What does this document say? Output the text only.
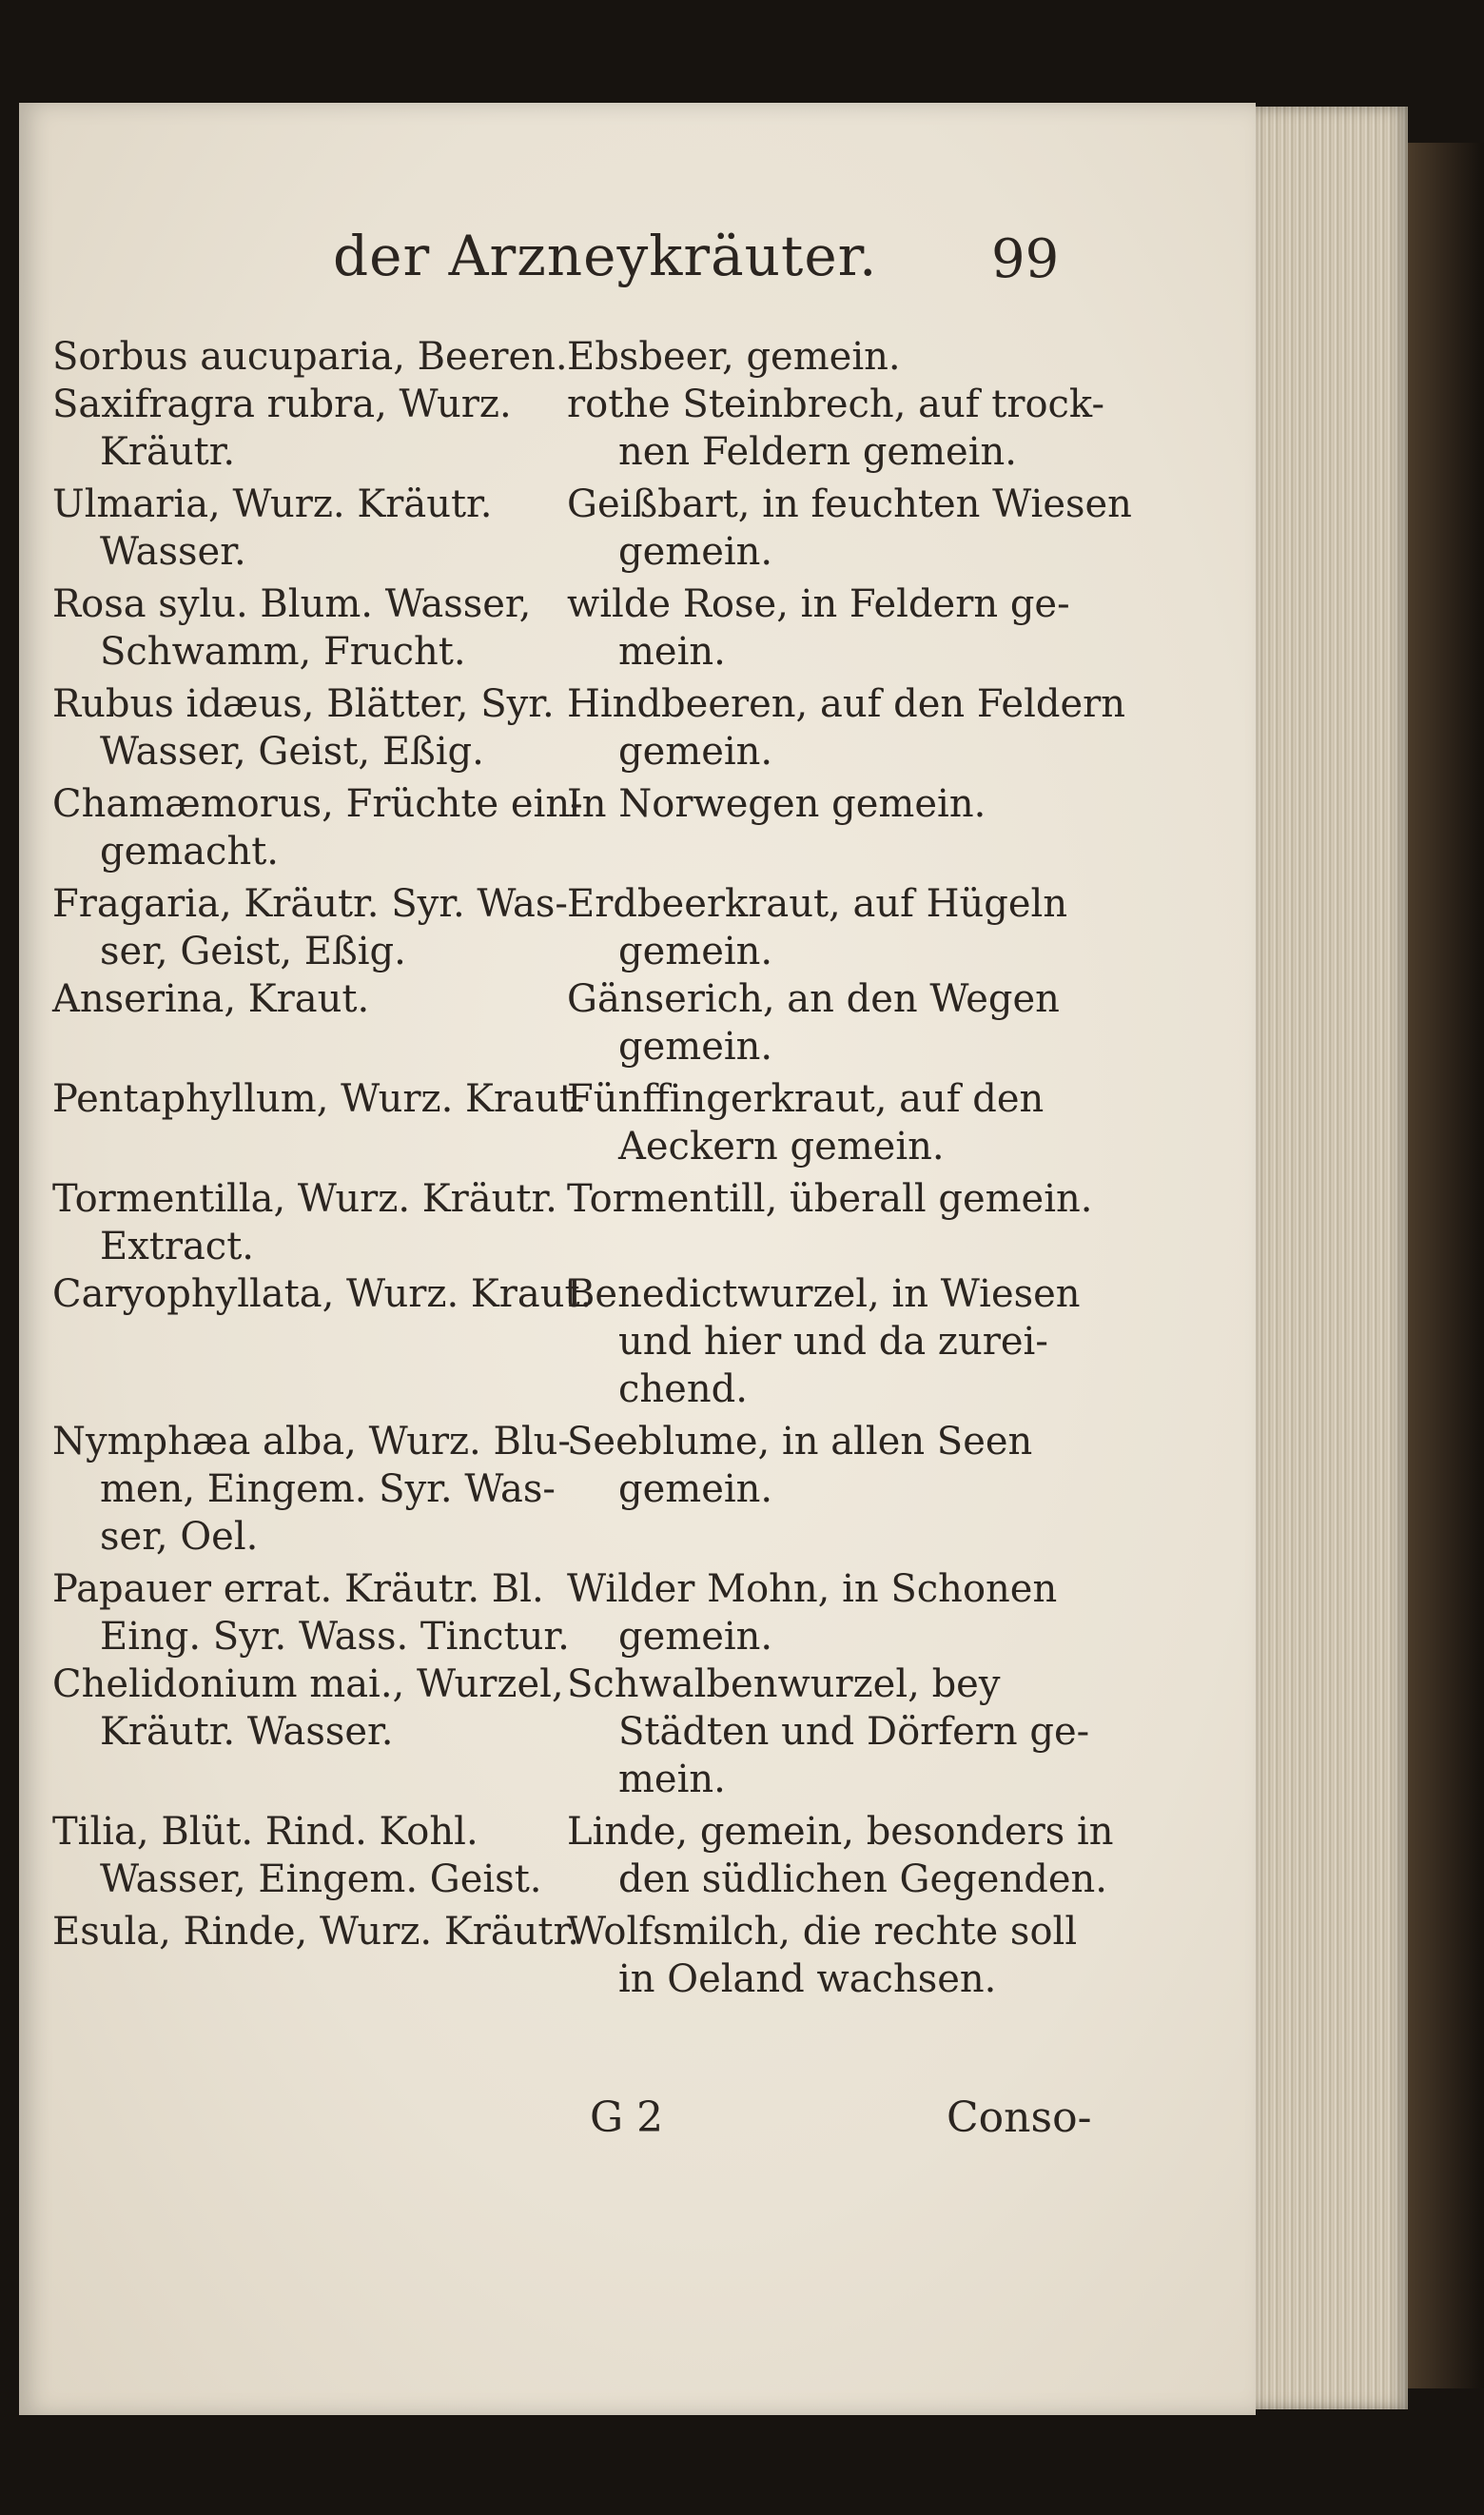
der Arzneykräuter. 99
Sorbus aucuparia, Beeren. Ebsbeer, gemein.
Saxifragra rubra, Wurz.
Kräutr.
rothe Steinbrech, auf trock-
nen Feldern gemein.
Ulmaria, Wurz. Kräutr.
Wasser.
Geißbart, in feuchten Wiesen
gemein.
Rosa sylu. Blum. Wasser,
Schwamm, Frucht.
wilde Rose, in Feldern ge-
mein.
Rubus idæus, Blätter, Syr.
Wasser, Geist, Eßig.
Hindbeeren, auf den Feldern
gemein.
Chamæmorus, Früchte ein-
gemacht.
In Norwegen gemein.
Fragaria, Kräutr. Syr. Was-
ser, Geist, Eßig.
Erdbeerkraut, auf Hügeln
gemein.
Anserina, Kraut.	Gänserich, an den Wegen
gemein.
Pentaphyllum, Wurz. Kraut.
Fünffingerkraut, auf den
Aeckern gemein.
Tormentilla, Wurz. Kräutr.
Extract.
Tormentill, überall gemein.
Caryophyllata, Wurz. Kraut.
Benedictwurzel, in Wiesen
und hier und da zurei-
chend.
Nymphæa alba, Wurz. Blu-
men, Eingem. Syr. Was-
ser, Oel.
Seeblume, in allen Seen
gemein.
Papauer errat. Kräutr. Bl.
Eing. Syr. Wass. Tinctur.
Wilder Mohn, in Schonen
gemein.
Chelidonium mai., Wurzel,
Kräutr. Wasser.
Schwalbenwurzel, bey
Städten und Dörfern ge-
mein.
Tilia, Blüt. Rind. Kohl.
Wasser, Eingem. Geist.
Linde, gemein, besonders in
den südlichen Gegenden.
Esula, Rinde, Wurz. Kräutr.
Wolfsmilch, die rechte soll
in Oeland wachsen.
G 2	Conso-
